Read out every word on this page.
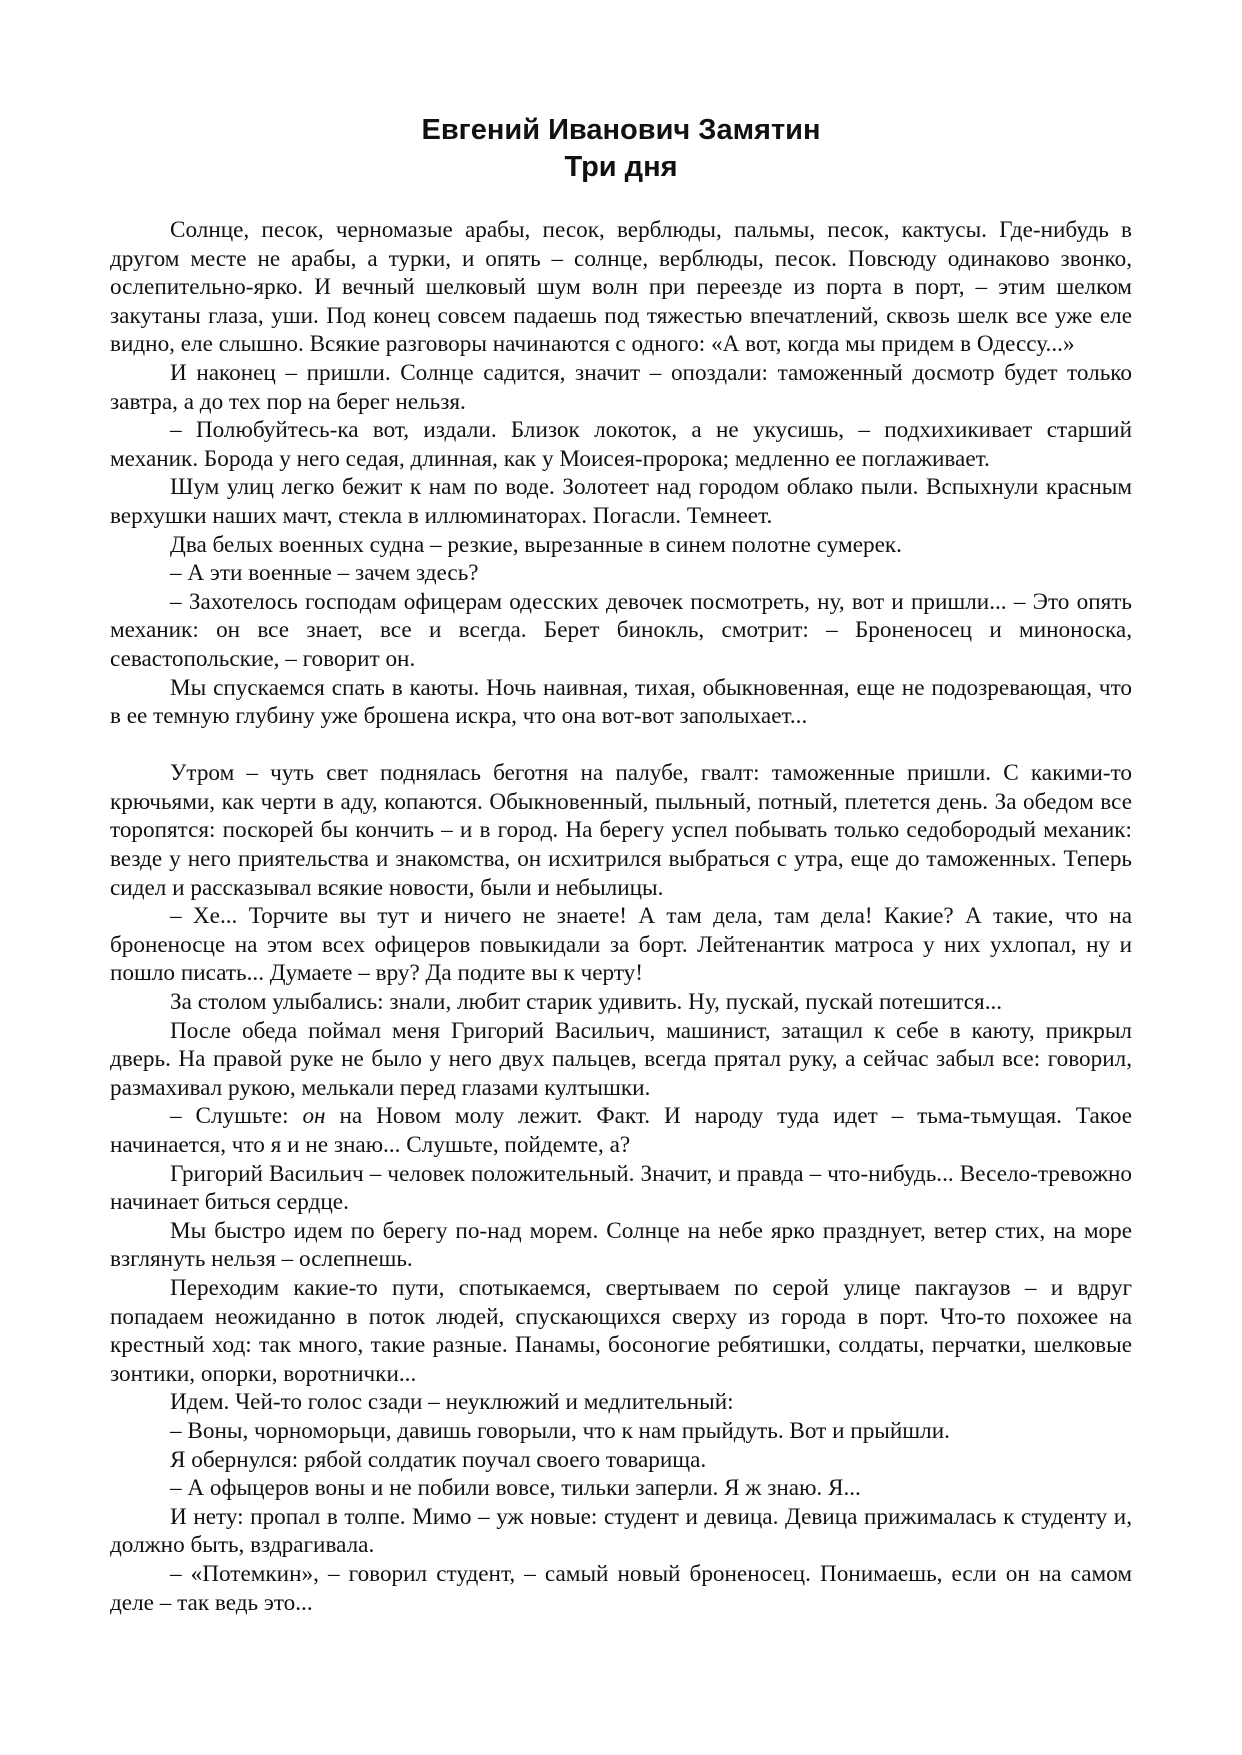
Евгений Иванович Замятин
Три дня

Солнце, песок, черномазые арабы, песок, верблюды, пальмы, песок, кактусы. Где-нибудь в другом месте не арабы, а турки, и опять – солнце, верблюды, песок. Повсюду одинаково звонко, ослепительно-ярко. И вечный шелковый шум волн при переезде из порта в порт, – этим шелком закутаны глаза, уши. Под конец совсем падаешь под тяжестью впечатлений, сквозь шелк все уже еле видно, еле слышно. Всякие разговоры начинаются с одного: «А вот, когда мы придем в Одессу...»

И наконец – пришли. Солнце садится, значит – опоздали: таможенный досмотр будет только завтра, а до тех пор на берег нельзя.

– Полюбуйтесь-ка вот, издали. Близок локоток, а не укусишь, – подхихикивает старший механик. Борода у него седая, длинная, как у Моисея-пророка; медленно ее поглаживает.

Шум улиц легко бежит к нам по воде. Золотеет над городом облако пыли. Вспыхнули красным верхушки наших мачт, стекла в иллюминаторах. Погасли. Темнеет.

Два белых военных судна – резкие, вырезанные в синем полотне сумерек.

– А эти военные – зачем здесь?

– Захотелось господам офицерам одесских девочек посмотреть, ну, вот и пришли... – Это опять механик: он все знает, все и всегда. Берет бинокль, смотрит: – Броненосец и миноноска, севастопольские, – говорит он.

Мы спускаемся спать в каюты. Ночь наивная, тихая, обыкновенная, еще не подозревающая, что в ее темную глубину уже брошена искра, что она вот-вот заполыхает...

Утром – чуть свет поднялась беготня на палубе, гвалт: таможенные пришли. С какими-то крючьями, как черти в аду, копаются. Обыкновенный, пыльный, потный, плетется день. За обедом все торопятся: поскорей бы кончить – и в город. На берегу успел побывать только седобородый механик: везде у него приятельства и знакомства, он исхитрился выбраться с утра, еще до таможенных. Теперь сидел и рассказывал всякие новости, были и небылицы.

– Хе... Торчите вы тут и ничего не знаете! А там дела, там дела! Какие? А такие, что на броненосце на этом всех офицеров повыкидали за борт. Лейтенантик матроса у них ухлопал, ну и пошло писать... Думаете – вру? Да подите вы к черту!

За столом улыбались: знали, любит старик удивить. Ну, пускай, пускай потешится...

После обеда поймал меня Григорий Васильич, машинист, затащил к себе в каюту, прикрыл дверь. На правой руке не было у него двух пальцев, всегда прятал руку, а сейчас забыл все: говорил, размахивал рукою, мелькали перед глазами култышки.

– Слушьте: он на Новом молу лежит. Факт. И народу туда идет – тьма-тьмущая. Такое начинается, что я и не знаю... Слушьте, пойдемте, а?

Григорий Васильич – человек положительный. Значит, и правда – что-нибудь... Весело-тревожно начинает биться сердце.

Мы быстро идем по берегу по-над морем. Солнце на небе ярко празднует, ветер стих, на море взглянуть нельзя – ослепнешь.

Переходим какие-то пути, спотыкаемся, свертываем по серой улице пакгаузов – и вдруг попадаем неожиданно в поток людей, спускающихся сверху из города в порт. Что-то похожее на крестный ход: так много, такие разные. Панамы, босоногие ребятишки, солдаты, перчатки, шелковые зонтики, опорки, воротнички...

Идем. Чей-то голос сзади – неуклюжий и медлительный:

– Воны, чорноморьци, давишь говорыли, что к нам прыйдуть. Вот и прыйшли.

Я обернулся: рябой солдатик поучал своего товарища.

– А офыцеров воны и не побили вовсе, тильки заперли. Я ж знаю. Я...

И нету: пропал в толпе. Мимо – уж новые: студент и девица. Девица прижималась к студенту и, должно быть, вздрагивала.

– «Потемкин», – говорил студент, – самый новый броненосец. Понимаешь, если он на самом деле – так ведь это...
